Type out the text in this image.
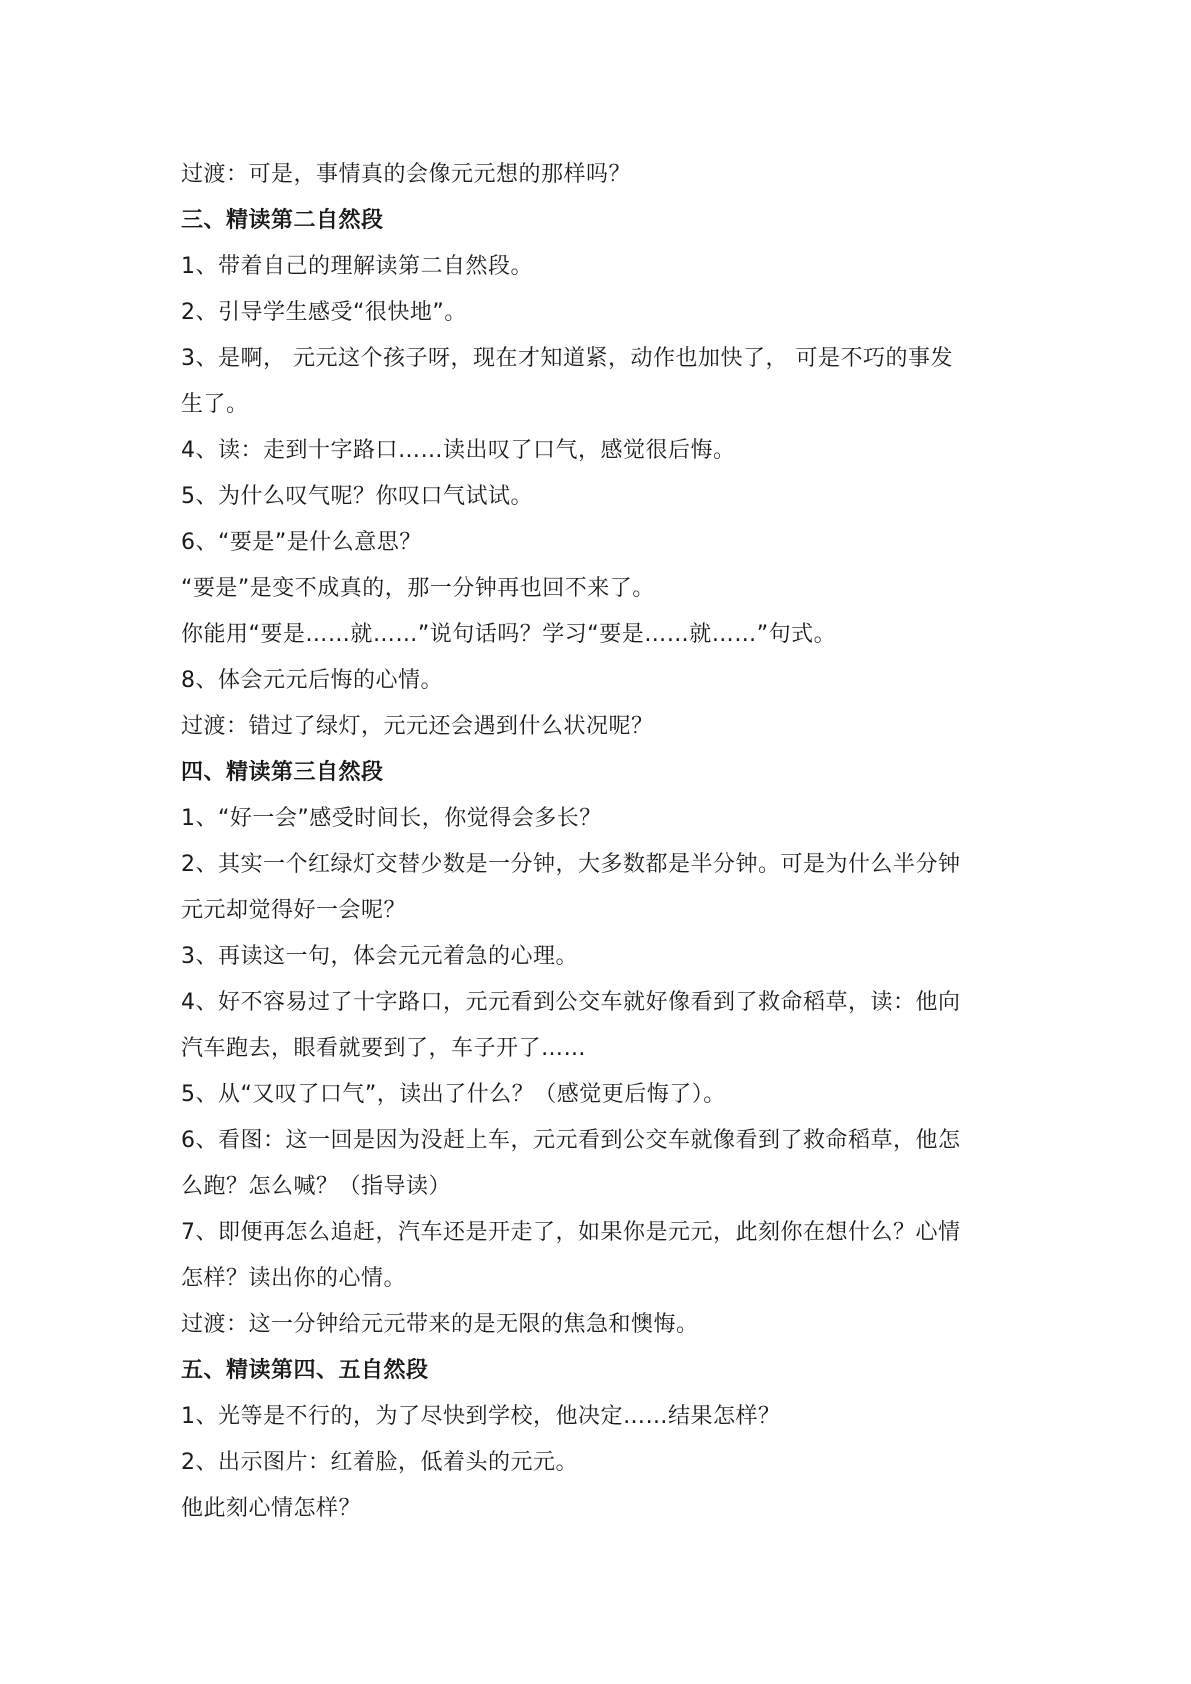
过渡：可是，事情真的会像元元想的那样吗？
三、精读第二自然段
1、带着自己的理解读第二自然段。
2、引导学生感受“很快地”。
3、是啊， 元元这个孩子呀，现在才知道紧，动作也加快了， 可是不巧的事发
生了。
4、读：走到十字路口……读出叹了口气，感觉很后悔。
5、为什么叹气呢？你叹口气试试。
6、“要是”是什么意思？
“要是”是变不成真的，那一分钟再也回不来了。
你能用“要是……就……”说句话吗？学习“要是……就……”句式。
8、体会元元后悔的心情。
过渡：错过了绿灯，元元还会遇到什么状况呢？
四、精读第三自然段
1、“好一会”感受时间长，你觉得会多长？
2、其实一个红绿灯交替少数是一分钟，大多数都是半分钟。可是为什么半分钟
元元却觉得好一会呢？
3、再读这一句，体会元元着急的心理。
4、好不容易过了十字路口，元元看到公交车就好像看到了救命稻草，读：他向
汽车跑去，眼看就要到了，车子开了……
5、从“又叹了口气”，读出了什么？（感觉更后悔了）。
6、看图：这一回是因为没赶上车，元元看到公交车就像看到了救命稻草，他怎
么跑？怎么喊？（指导读）
7、即便再怎么追赶，汽车还是开走了，如果你是元元，此刻你在想什么？心情
怎样？读出你的心情。
过渡：这一分钟给元元带来的是无限的焦急和懊悔。
五、精读第四、五自然段
1、光等是不行的，为了尽快到学校，他决定……结果怎样？
2、出示图片：红着脸，低着头的元元。
他此刻心情怎样？
